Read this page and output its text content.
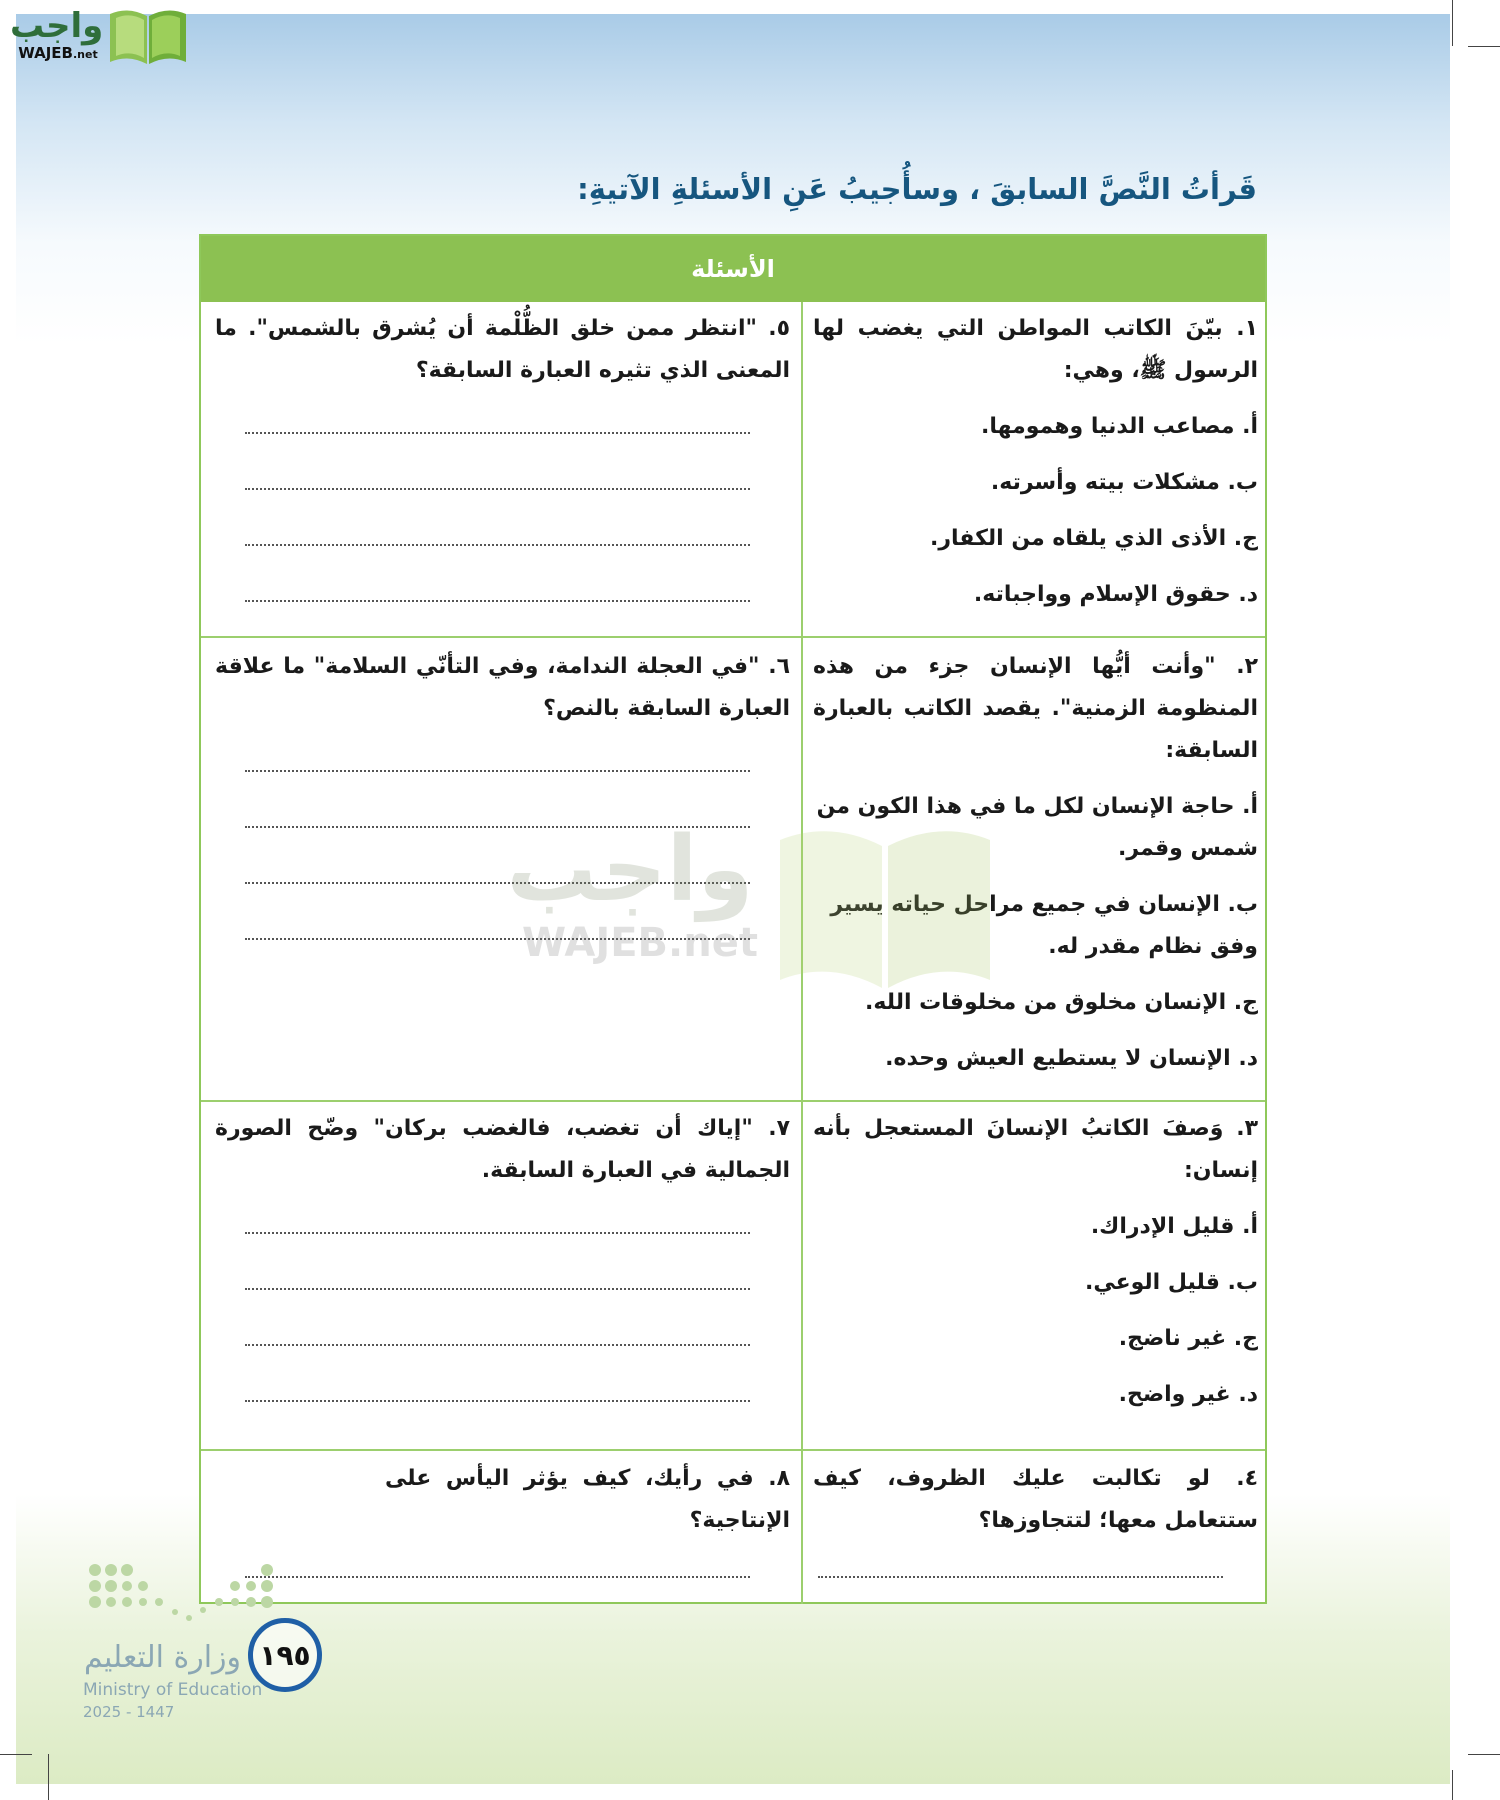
واجب
WAJEB.net
قَرأتُ النَّصَّ السابقَ ، وسأُجيبُ عَنِ الأسئلةِ الآتيةِ:
الأسئلة
١. بيّنَ الكاتب المواطن التي يغضب لها الرسول ﷺ، وهي:
أ. مصاعب الدنيا وهمومها.
ب. مشكلات بيته وأسرته.
ج. الأذى الذي يلقاه من الكفار.
د. حقوق الإسلام وواجباته.
٢. "وأنت أيُّها الإنسان جزء من هذه المنظومة الزمنية". يقصد الكاتب بالعبارة السابقة:
أ. حاجة الإنسان لكل ما في هذا الكون من شمس وقمر.
ب. الإنسان في جميع مراحل حياته يسير وفق نظام مقدر له.
ج. الإنسان مخلوق من مخلوقات الله.
د. الإنسان لا يستطيع العيش وحده.
٣. وَصفَ الكاتبُ الإنسانَ المستعجل بأنه إنسان:
أ. قليل الإدراك.
ب. قليل الوعي.
ج. غير ناضج.
د. غير واضح.
٤. لو تكالبت عليك الظروف، كيف ستتعامل معها؛ لتتجاوزها؟
٥. "انتظر ممن خلق الظُّلْمة أن يُشرق بالشمس". ما المعنى الذي تثيره العبارة السابقة؟
٦. "في العجلة الندامة، وفي التأنّي السلامة" ما علاقة العبارة السابقة بالنص؟
٧. "إياك أن تغضب، فالغضب بركان" وضّح الصورة الجمالية في العبارة السابقة.
٨. في رأيك، كيف يؤثر اليأس على الإنتاجية؟
واجب
WAJEB.net
وزارة التعليم
Ministry of Education
2025 - 1447
١٩٥
